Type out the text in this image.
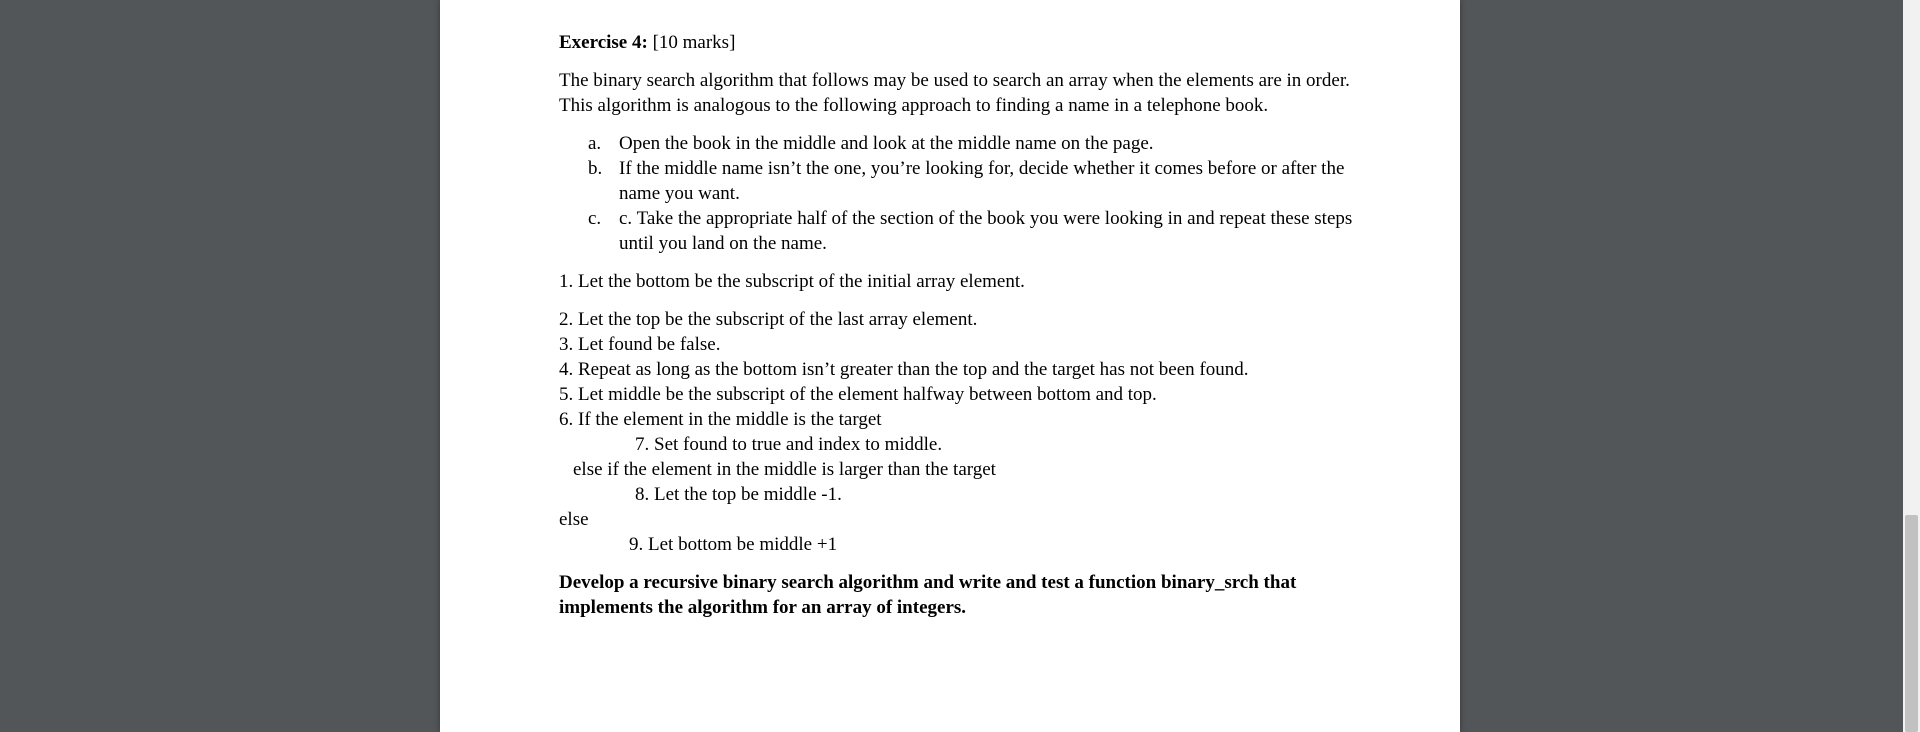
Exercise 4: [10 marks]

The binary search algorithm that follows may be used to search an array when the elements are in order. This algorithm is analogous to the following approach to finding a name in a telephone book.

a. Open the book in the middle and look at the middle name on the page.
b. If the middle name isn’t the one, you’re looking for, decide whether it comes before or after the name you want.
c. c. Take the appropriate half of the section of the book you were looking in and repeat these steps until you land on the name.

1. Let the bottom be the subscript of the initial array element.

2. Let the top be the subscript of the last array element.

3. Let found be false.

4. Repeat as long as the bottom isn’t greater than the top and the target has not been found.

5. Let middle be the subscript of the element halfway between bottom and top.

6. If the element in the middle is the target

7. Set found to true and index to middle.

else if the element in the middle is larger than the target

8. Let the top be middle -1.

else

9. Let bottom be middle +1

Develop a recursive binary search algorithm and write and test a function binary_srch that implements the algorithm for an array of integers.
